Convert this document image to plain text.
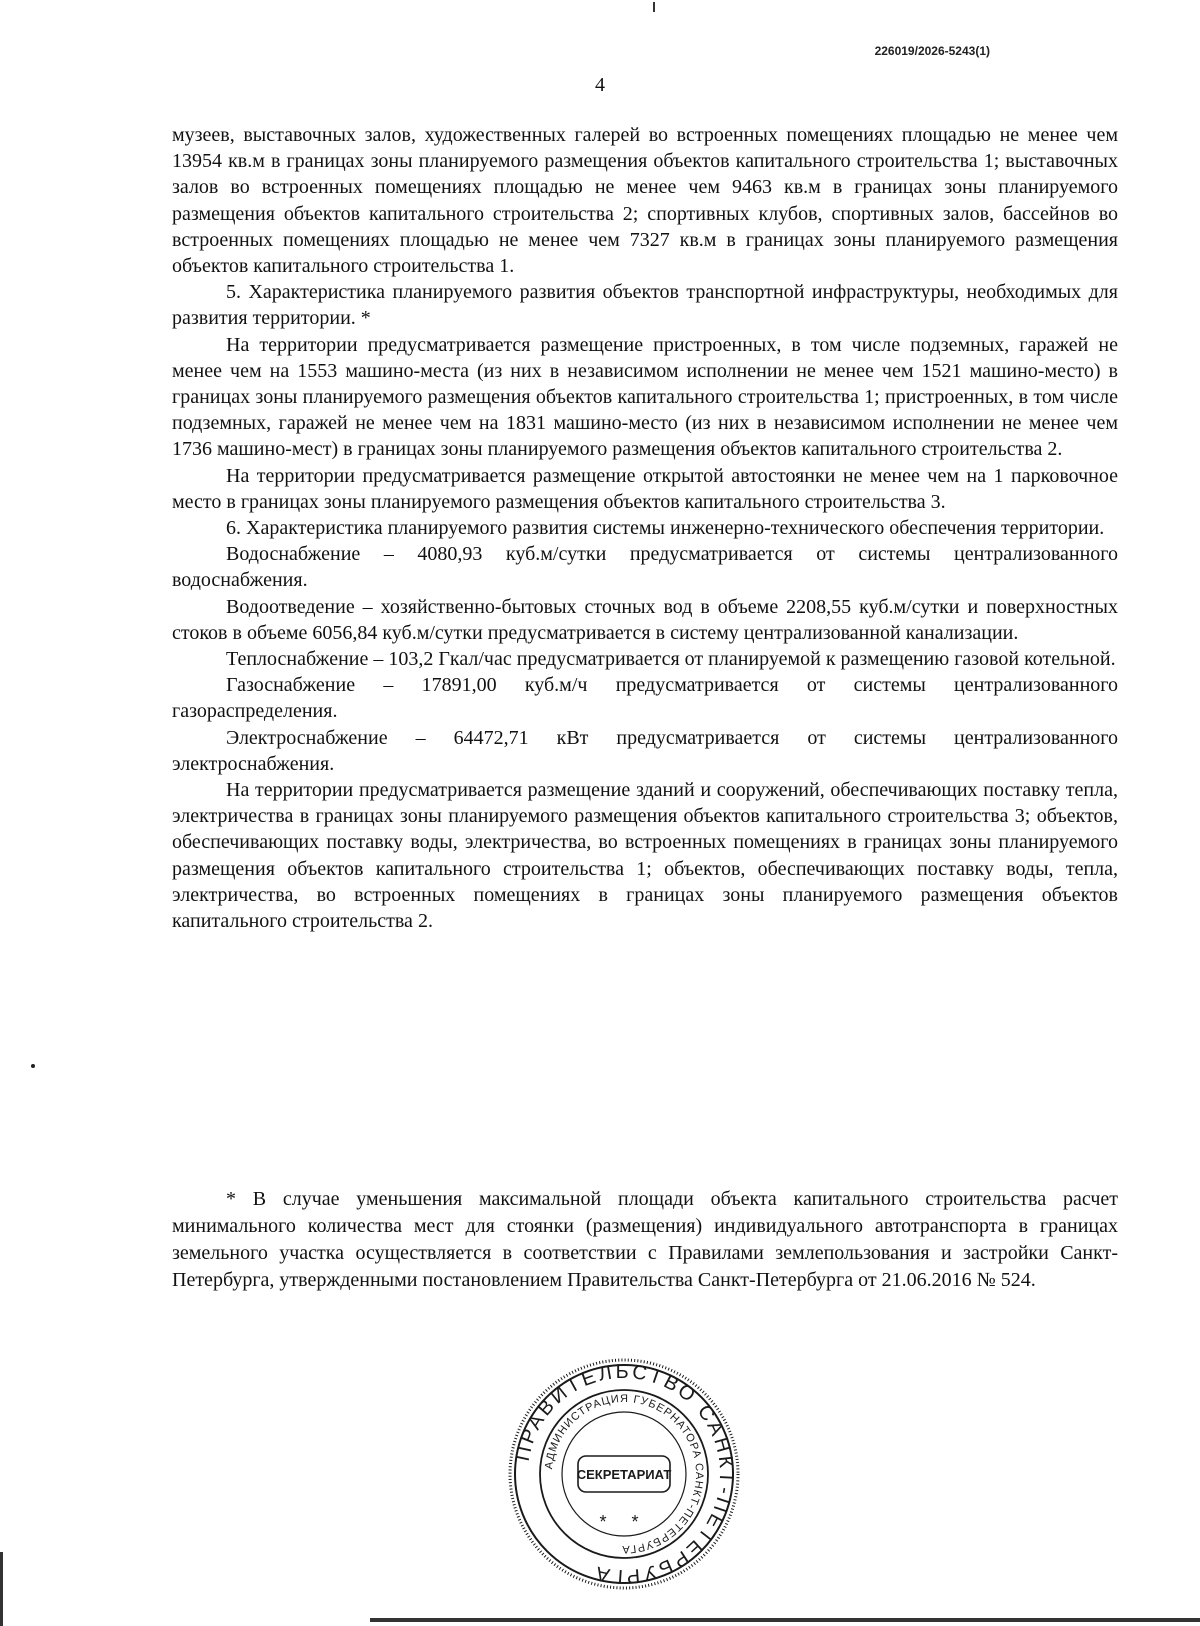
226019/2026-5243(1)
4

музеев, выставочных залов, художественных галерей во встроенных помещениях площадью не менее чем 13954 кв.м в границах зоны планируемого размещения объектов капитального строительства 1; выставочных залов во встроенных помещениях площадью не менее чем 9463 кв.м в границах зоны планируемого размещения объектов капитального строительства 2; спортивных клубов, спортивных залов, бассейнов во встроенных помещениях площадью не менее чем 7327 кв.м в границах зоны планируемого размещения объектов капитального строительства 1.

5. Характеристика планируемого развития объектов транспортной инфраструктуры, необходимых для развития территории. *

На территории предусматривается размещение пристроенных, в том числе подземных, гаражей не менее чем на 1553 машино-места (из них в независимом исполнении не менее чем 1521 машино-место) в границах зоны планируемого размещения объектов капитального строительства 1; пристроенных, в том числе подземных, гаражей не менее чем на 1831 машино-место (из них в независимом исполнении не менее чем 1736 машино-мест) в границах зоны планируемого размещения объектов капитального строительства 2.

На территории предусматривается размещение открытой автостоянки не менее чем на 1 парковочное место в границах зоны планируемого размещения объектов капитального строительства 3.

6. Характеристика планируемого развития системы инженерно-технического обеспечения территории.

Водоснабжение – 4080,93 куб.м/сутки предусматривается от системы централизованного водоснабжения.

Водоотведение – хозяйственно-бытовых сточных вод в объеме 2208,55 куб.м/сутки и поверхностных стоков в объеме 6056,84 куб.м/сутки предусматривается в систему централизованной канализации.

Теплоснабжение – 103,2 Гкал/час предусматривается от планируемой к размещению газовой котельной.

Газоснабжение – 17891,00 куб.м/ч предусматривается от системы централизованного газораспределения.

Электроснабжение – 64472,71 кВт предусматривается от системы централизованного электроснабжения.

На территории предусматривается размещение зданий и сооружений, обеспечивающих поставку тепла, электричества в границах зоны планируемого размещения объектов капитального строительства 3; объектов, обеспечивающих поставку воды, электричества, во встроенных помещениях в границах зоны планируемого размещения объектов капитального строительства 1; объектов, обеспечивающих поставку воды, тепла, электричества, во встроенных помещениях в границах зоны планируемого размещения объектов капитального строительства 2.

* В случае уменьшения максимальной площади объекта капитального строительства расчет минимального количества мест для стоянки (размещения) индивидуального автотранспорта в границах земельного участка осуществляется в соответствии с Правилами землепользования и застройки Санкт-Петербурга, утвержденными постановлением Правительства Санкт-Петербурга от 21.06.2016 № 524.

ПРАВИТЕЛЬСТВО САНКТ-ПЕТЕРБУРГА
АДМИНИСТРАЦИЯ ГУБЕРНАТОРА САНКТ-ПЕТЕРБУРГА
СЕКРЕТАРИАТ
* *
